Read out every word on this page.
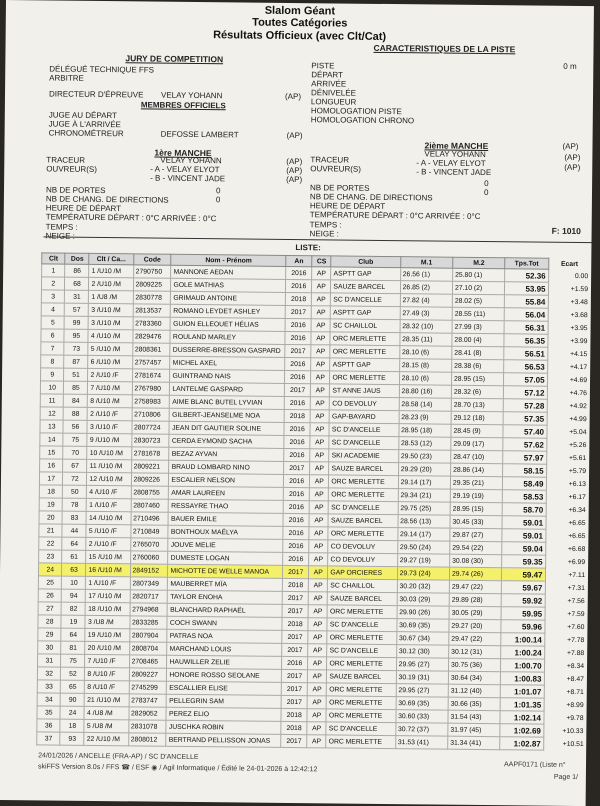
Slalom Géant
Toutes Catégories
Résultats Officieux (avec Clt/Cat)
JURY DE COMPETITION
DÉLÉGUÉ TECHNIQUE FFS
ARBITRE
DIRECTEUR D'ÉPREUVE VELAY YOHANN	(AP)
MEMBRES OFFICIELS
JUGE AU DÉPART
JUGE À L'ARRIVÉE
CHRONOMÉTREUR	DEFOSSE LAMBERT	(AP)
CARACTERISTIQUES DE LA PISTE
PISTE
DÉPART
ARRIVÉE
DÉNIVELÉE
LONGUEUR
HOMOLOGATION PISTE
HOMOLOGATION CHRONO
0 m
1ère MANCHE
TRACEUR	VELAY YOHANN	(AP)
OUVREUR(S)	- A - VELAY ELYOT	(AP)
- B - VINCENT JADE	(AP)
NB DE PORTES	0
NB DE CHANG. DE DIRECTIONS	0
HEURE DE DÉPART
TEMPÉRATURE DÉPART : 0°C ARRIVÉE : 0°C
TEMPS :
2ième MANCHE
TRACEUR
VELAY YOHANN
(AP)
OUVREUR(S)
- A - VELAY ELYOT
(AP)
- B - VINCENT JADE	(AP)
NB DE PORTES	0
NB DE CHANG. DE DIRECTIONS	0
HEURE DE DÉPART
TEMPÉRATURE DÉPART : 0°C ARRIVÉE : 0°C
TEMPS :
NEIGE :	F: 1010
LISTE:
Clt	Dos	Clt / Ca...	Code	Nom - Prénom	An	CS	Club	M.1	M.2	Tps.Tot	Ecart
1	86	1 /U10 /M	2790750	MANNONE AEDAN	2016	AP	ASPTT GAP	26.56 (1)	25.80 (1)	52.36	0.00
2	68	2 /U10 /M	2809225	GOLE MATHIAS	2016	AP	SAUZE BARCEL	26.85 (2)	27.10 (2)	53.95	+1.59
3	31	1 /U8 /M	2830778	GRIMAUD ANTOINE	2018	AP	SC D'ANCELLE	27.82 (4)	28.02 (5)	55.84	+3.48
4	57	3 /U10 /M	2813537	ROMANO LEYDET ASHLEY	2017	AP	ASPTT GAP	27.49 (3)	28.55 (11)	56.04	+3.68
5	99	3 /U10 /M	2783360	GUION ELLEOUET HÉLIAS	2016	AP	SC CHAILLOL	28.32 (10)	27.99 (3)	56.31	+3.95
6	95	4 /U10 /M	2829476	ROULAND MARLEY	2016	AP	ORC MERLETTE	28.35 (11)	28.00 (4)	56.35	+3.99
7	73	5 /U10 /M	2808361	DUSSERRE-BRESSON GASPARD	2017	AP	ORC MERLETTE	28.10 (6)	28.41 (8)	56.51	+4.15
8	87	6 /U10 /M	2757457	MICHEL AXEL	2016	AP	ASPTT GAP	28.15 (8)	28.38 (6)	56.53	+4.17
9	51	2 /U10 /F	2781674	GUINTRAND NAIS	2016	AP	ORC MERLETTE	28.10 (6)	28.95 (15)	57.05	+4.69
10	85	7 /U10 /M	2767980	LANTELME GASPARD	2017	AP	ST ANNE JAUS	28.80 (16)	28.32 (6)	57.12	+4.76
11	84	8 /U10 /M	2758983	AIME BLANC BUTEL LYVIAN	2016	AP	CO DEVOLUY	28.58 (14)	28.70 (13)	57.28	+4.92
12	88	2 /U10 /F	2710806	GILBERT-JEANSELME NOA	2018	AP	GAP-BAYARD	28.23 (9)	29.12 (18)	57.35	+4.99
13	56	3 /U10 /F	2807724	JEAN DIT GAUTIER SOLINE	2016	AP	SC D'ANCELLE	28.95 (18)	28.45 (9)	57.40	+5.04
14	75	9 /U10 /M	2830723	CERDA EYMOND SACHA	2016	AP	SC D'ANCELLE	28.53 (12)	29.09 (17)	57.62	+5.26
15	70	10 /U10 /M	2781678	BEZAZ AYVAN	2016	AP	SKI ACADEMIE	29.50 (23)	28.47 (10)	57.97	+5.61
16	67	11 /U10 /M	2809221	BRAUD LOMBARD NINO	2017	AP	SAUZE BARCEL	29.29 (20)	28.86 (14)	58.15	+5.79
17	72	12 /U10 /M	2809226	ESCALIER NELSON	2016	AP	ORC MERLETTE	29.14 (17)	29.35 (21)	58.49	+6.13
18	50	4 /U10 /F	2808755	AMAR LAUREEN	2016	AP	ORC MERLETTE	29.34 (21)	29.19 (19)	58.53	+6.17
19	78	1 /U10 /F	2807460	RESSAYRE THAO	2016	AP	SC D'ANCELLE	29.75 (25)	28.95 (15)	58.70	+6.34
20	83	14 /U10 /M	2710496	BAUER EMILE	2016	AP	SAUZE BARCEL	28.56 (13)	30.45 (33)	59.01	+6.65
21	44	5 /U10 /F	2710849	BONTHOUX MAËLYA	2016	AP	ORC MERLETTE	29.14 (17)	29.87 (27)	59.01	+6.65
22	64	2 /U10 /F	2765070	JOUVE MELIE	2016	AP	CO DEVOLUY	29.50 (24)	29.54 (22)	59.04	+6.68
23	61	15 /U10 /M	2760060	DUMESTE LOGAN	2016	AP	CO DEVOLUY	29.27 (19)	30.08 (30)	59.35	+6.99
24	63	16 /U10 /M	2849152	MICHOTTE DE WELLE MANOA	2017	AP	GAP ORCIERES	29.73 (24)	29.74 (26)	59.47	+7.11
25	10	1 /U10 /F	2807349	MAUBERRET MÏA	2018	AP	SC CHAILLOL	30.20 (32)	29.47 (22)	59.67	+7.31
26	94	17 /U10 /M	2820717	TAYLOR ENOHA	2017	AP	SAUZE BARCEL	30.03 (29)	29.89 (28)	59.92	+7.56
27	82	18 /U10 /M	2794968	BLANCHARD RAPHAËL	2017	AP	ORC MERLETTE	29.90 (26)	30.05 (29)	59.95	+7.59
28	19	3 /U8 /M	2833285	COCH SWANN	2018	AP	SC D'ANCELLE	30.69 (35)	29.27 (20)	59.96	+7.60
29	64	19 /U10 /M	2807904	PATRAS NOA	2017	AP	ORC MERLETTE	30.67 (34)	29.47 (22)	1:00.14	+7.78
30	81	20 /U10 /M	2808704	MARCHAND LOUIS	2017	AP	SC D'ANCELLE	30.12 (30)	30.12 (31)	1:00.24	+7.88
31	75	7 /U10 /F	2708465	HAUWILLER ZELIE	2016	AP	ORC MERLETTE	29.95 (27)	30.75 (36)	1:00.70	+8.34
32	52	8 /U10 /F	2809227	HONORE ROSSO SEOLANE	2017	AP	SAUZE BARCEL	30.19 (31)	30.64 (34)	1:00.83	+8.47
33	65	8 /U10 /F	2745299	ESCALLIER ELISE	2017	AP	ORC MERLETTE	29.95 (27)	31.12 (40)	1:01.07	+8.71
34	90	21 /U10 /M	2783747	PELLEGRIN SAM	2017	AP	ORC MERLETTE	30.69 (35)	30.66 (35)	1:01.35	+8.99
35	24	4 /U8 /M	2829052	PEREZ ELIO	2018	AP	ORC MERLETTE	30.60 (33)	31.54 (43)	1:02.14	+9.78
36	18	5 /U8 /M	2831078	JUSCHKA ROBIN	2018	AP	SC D'ANCELLE	30.72 (37)	31.97 (45)	1:02.69	+10.33
37	93	22 /U10 /M	2808012	BERTRAND PELLISSON JONAS	2017	AP	ORC MERLETTE	31.53 (41)	31.34 (41)	1:02.87	+10.51
24/01/2026 / ANCELLE (FRA-AP) / SC D'ANCELLE
skiFFS Version 8.0s / FFS ☎ / ESF ◉ / Agil Informatique / Édité le 24-01-2026 à 12:42:12	AAPF0171 (Liste n°
Page 1/
